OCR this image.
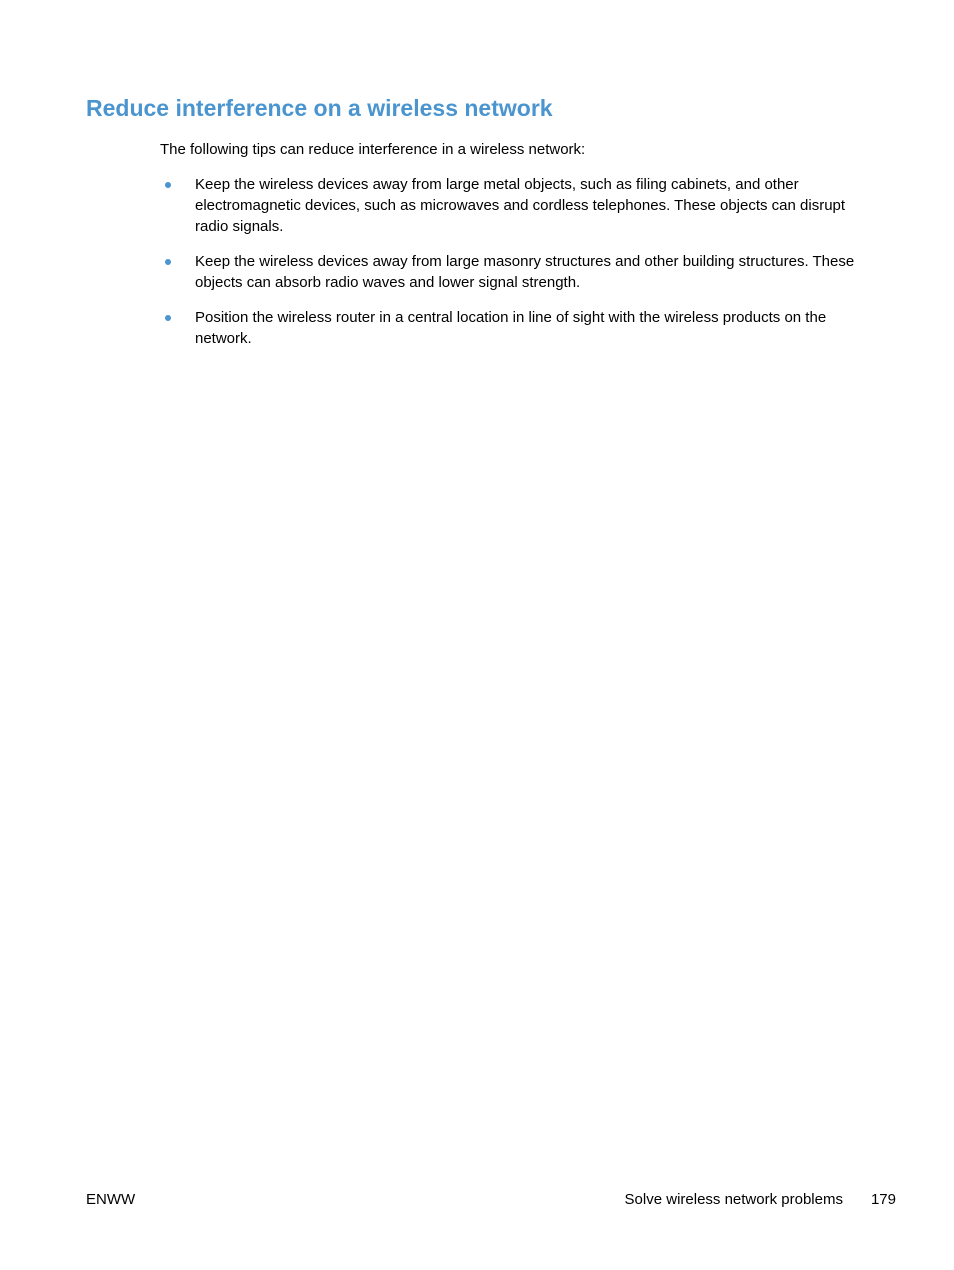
Reduce interference on a wireless network

The following tips can reduce interference in a wireless network:

Keep the wireless devices away from large metal objects, such as filing cabinets, and other electromagnetic devices, such as microwaves and cordless telephones. These objects can disrupt radio signals.
Keep the wireless devices away from large masonry structures and other building structures. These objects can absorb radio waves and lower signal strength.
Position the wireless router in a central location in line of sight with the wireless products on the network.
ENWW	Solve wireless network problems 179
